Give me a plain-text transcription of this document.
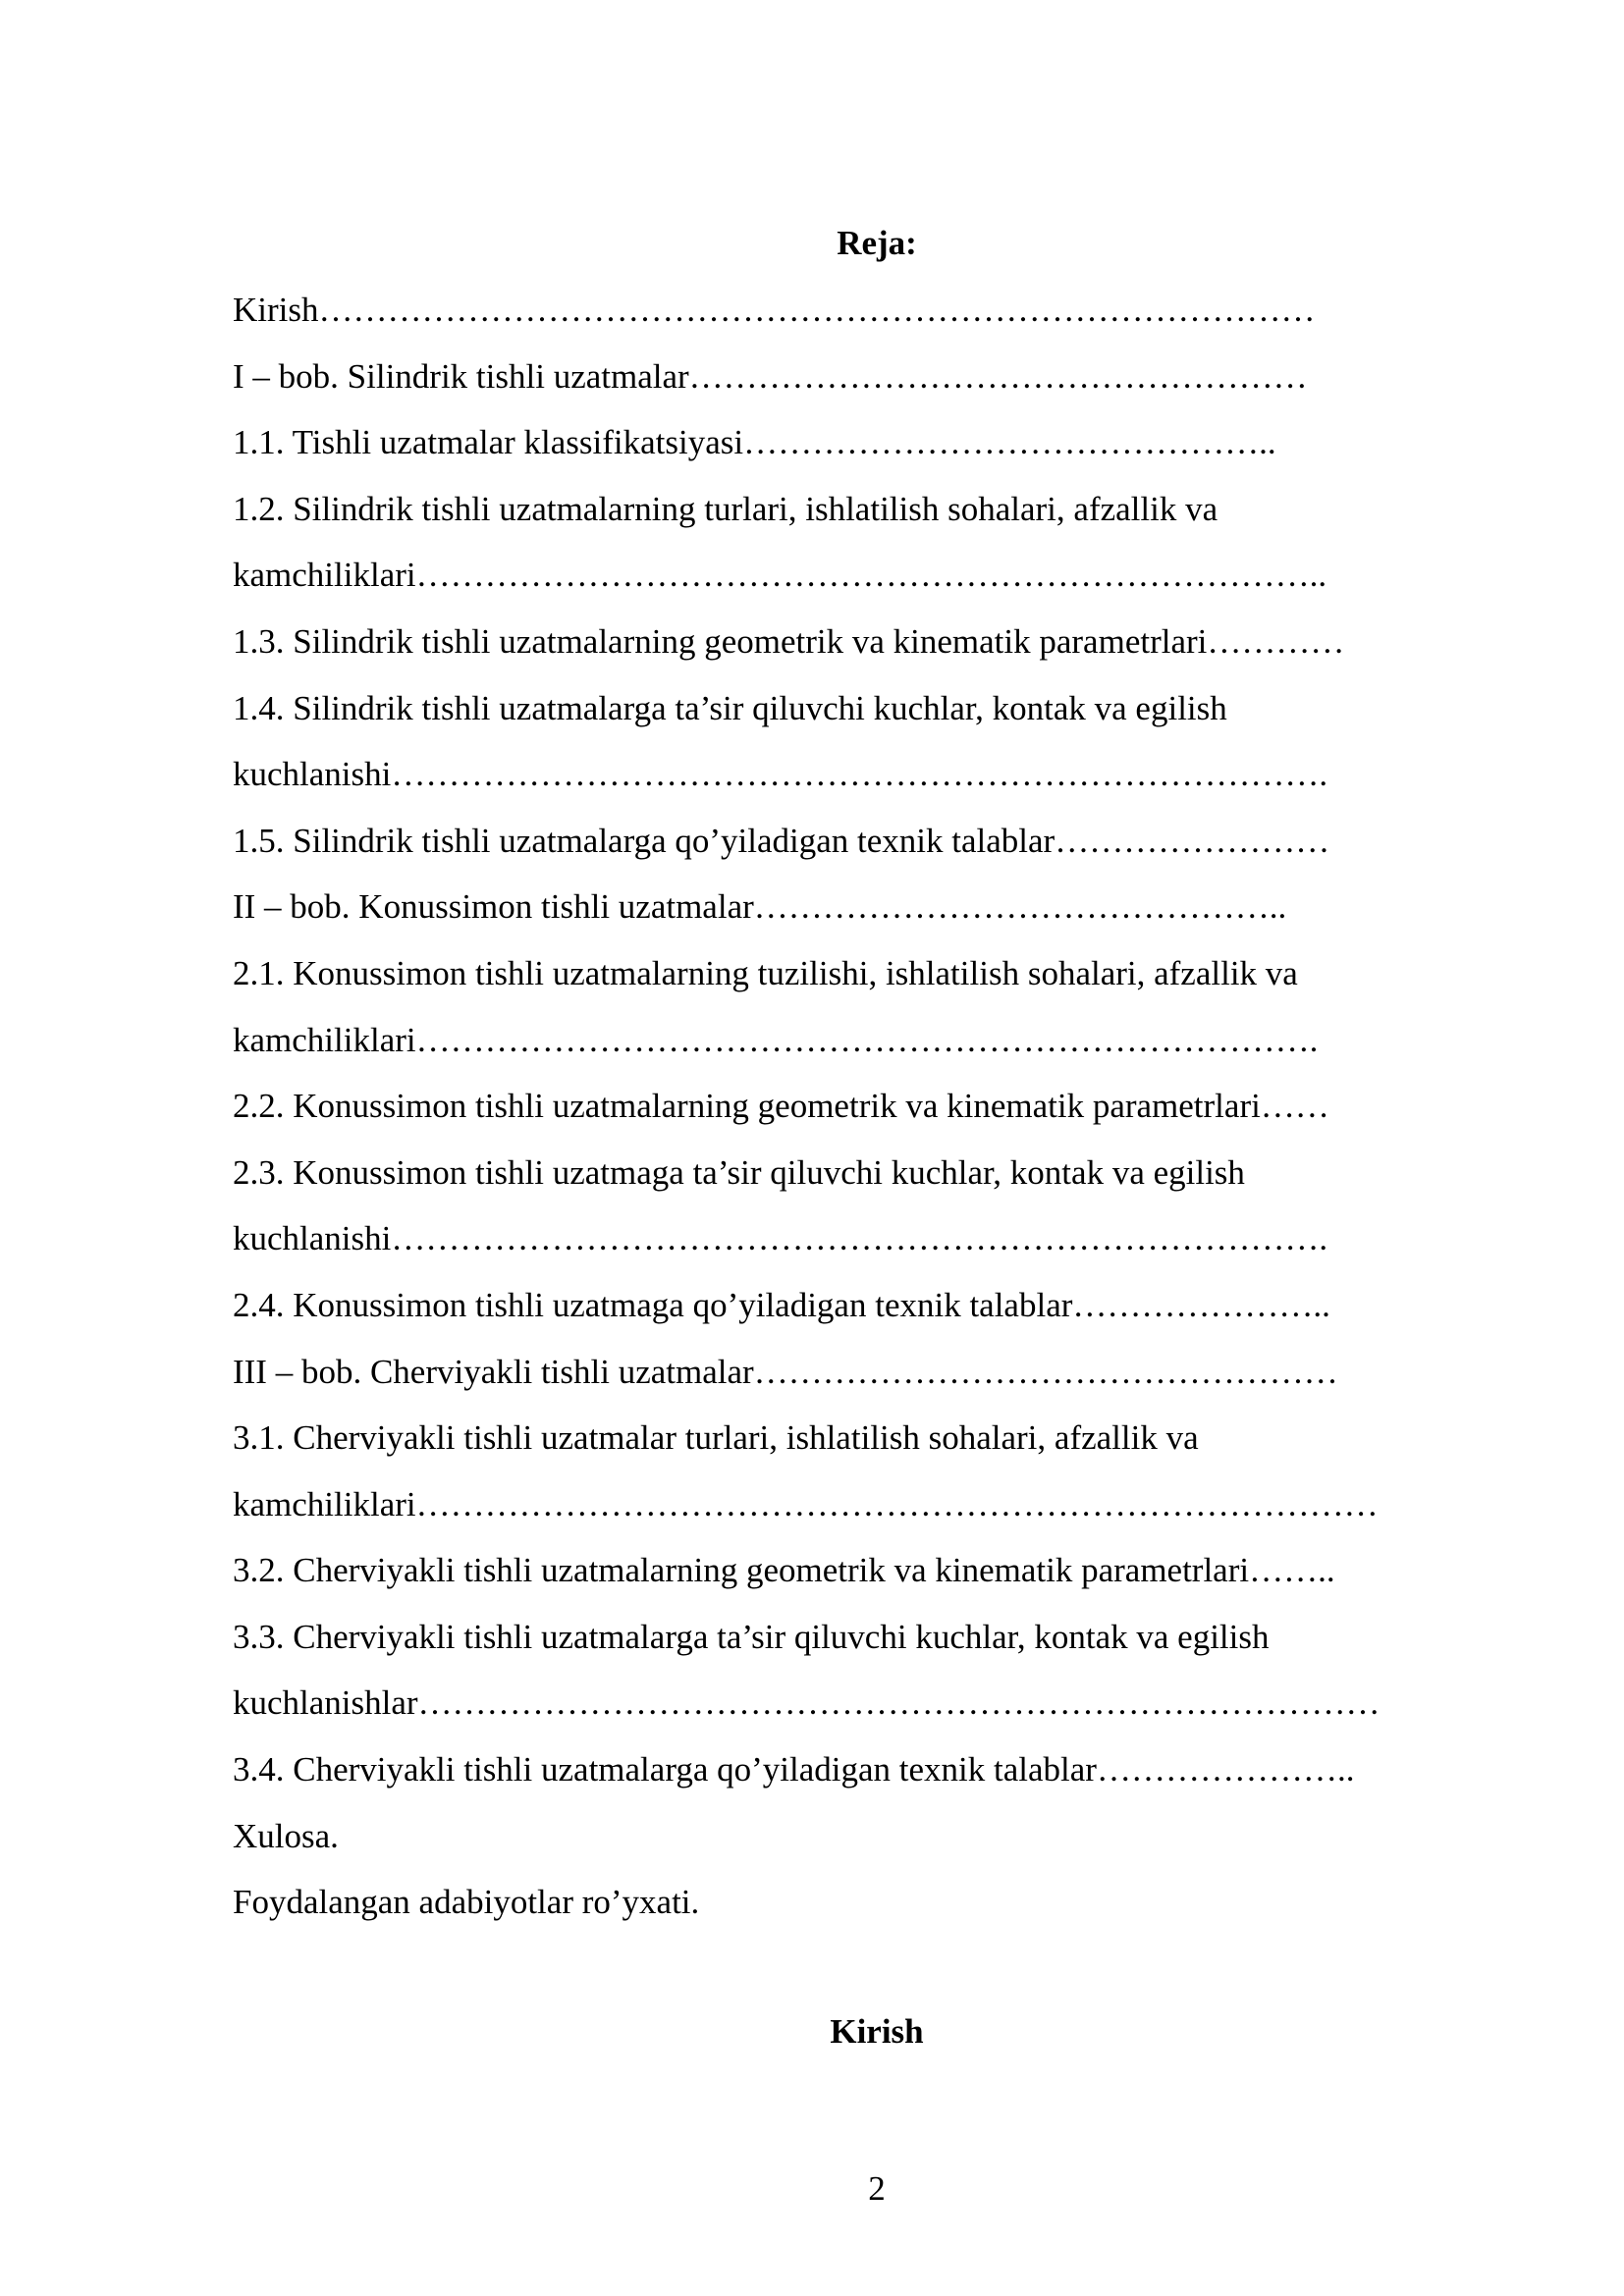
Reja:
Kirish……………………………………………………………………………
I – bob. Silindrik tishli uzatmalar………………………………………………
1.1. Tishli uzatmalar klassifikatsiyasi………………………………………..
1.2. Silindrik tishli uzatmalarning turlari, ishlatilish sohalari, afzallik va
kamchiliklari……………………………………………………………………..
1.3. Silindrik tishli uzatmalarning geometrik va kinematik parametrlari…………
1.4. Silindrik tishli uzatmalarga ta’sir qiluvchi kuchlar, kontak va egilish
kuchlanishi……………………………………………………………………….
1.5. Silindrik tishli uzatmalarga qo’yiladigan texnik talablar……………………
II – bob. Konussimon tishli uzatmalar………………………………………..
2.1. Konussimon tishli uzatmalarning tuzilishi, ishlatilish sohalari, afzallik va
kamchiliklari…………………………………………………………………….
2.2. Konussimon tishli uzatmalarning geometrik va kinematik parametrlari……
2.3. Konussimon tishli uzatmaga ta’sir qiluvchi kuchlar, kontak va egilish
kuchlanishi……………………………………………………………………….
2.4. Konussimon tishli uzatmaga qo’yiladigan texnik talablar…………………..
III – bob. Cherviyakli tishli uzatmalar……………………………………………
3.1. Cherviyakli tishli uzatmalar turlari, ishlatilish sohalari, afzallik va
kamchiliklari…………………………………………………………………………
3.2. Cherviyakli tishli uzatmalarning geometrik va kinematik parametrlari……..
3.3. Cherviyakli tishli uzatmalarga ta’sir qiluvchi kuchlar, kontak va egilish
kuchlanishlar…………………………………………………………………………
3.4. Cherviyakli tishli uzatmalarga qo’yiladigan texnik talablar…………………..
Xulosa.
Foydalangan adabiyotlar ro’yxati.
Kirish
2
